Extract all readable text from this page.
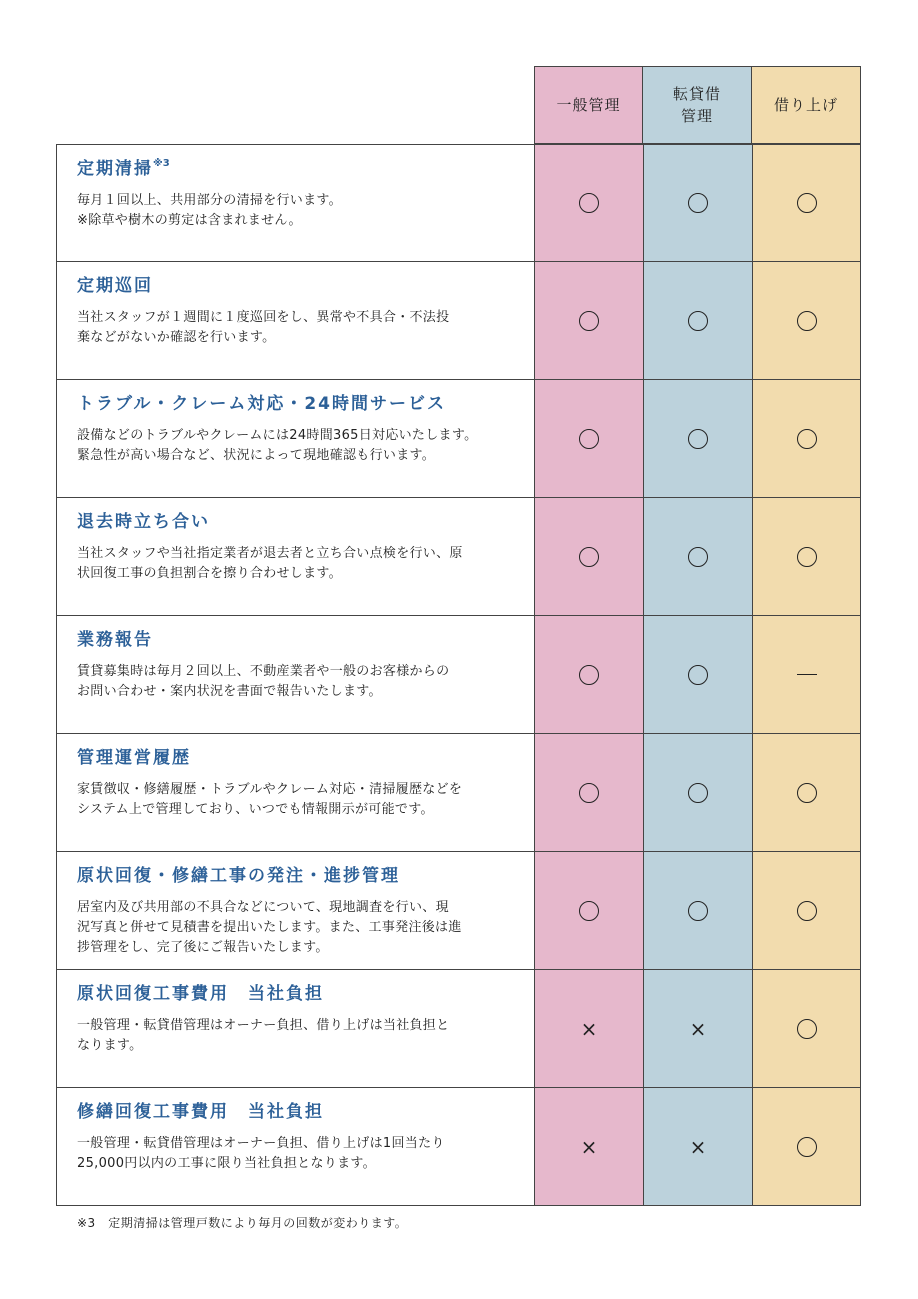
一般管理
転貸借
管理
借り上げ
定期清掃$^{※3}$
毎月１回以上、共用部分の清掃を行います。
※除草や樹木の剪定は含まれません。
定期巡回
当社スタッフが１週間に１度巡回をし、異常や不具合・不法投
棄などがないか確認を行います。
トラブル・クレーム対応・24時間サービス
設備などのトラブルやクレームには24時間365日対応いたします。
緊急性が高い場合など、状況によって現地確認も行います。
退去時立ち合い
当社スタッフや当社指定業者が退去者と立ち合い点検を行い、原
状回復工事の負担割合を擦り合わせします。
業務報告
賃貸募集時は毎月２回以上、不動産業者や一般のお客様からの
お問い合わせ・案内状況を書面で報告いたします。
管理運営履歴
家賃徴収・修繕履歴・トラブルやクレーム対応・清掃履歴などを
システム上で管理しており、いつでも情報開示が可能です。
原状回復・修繕工事の発注・進捗管理
居室内及び共用部の不具合などについて、現地調査を行い、現
況写真と併せて見積書を提出いたします。また、工事発注後は進
捗管理をし、完了後にご報告いたします。
原状回復工事費用　当社負担
一般管理・転貸借管理はオーナー負担、借り上げは当社負担と
なります。
×	×
修繕回復工事費用　当社負担
一般管理・転貸借管理はオーナー負担、借り上げは1回当たり
25,000円以内の工事に限り当社負担となります。
×	×
※3　定期清掃は管理戸数により毎月の回数が変わります。
